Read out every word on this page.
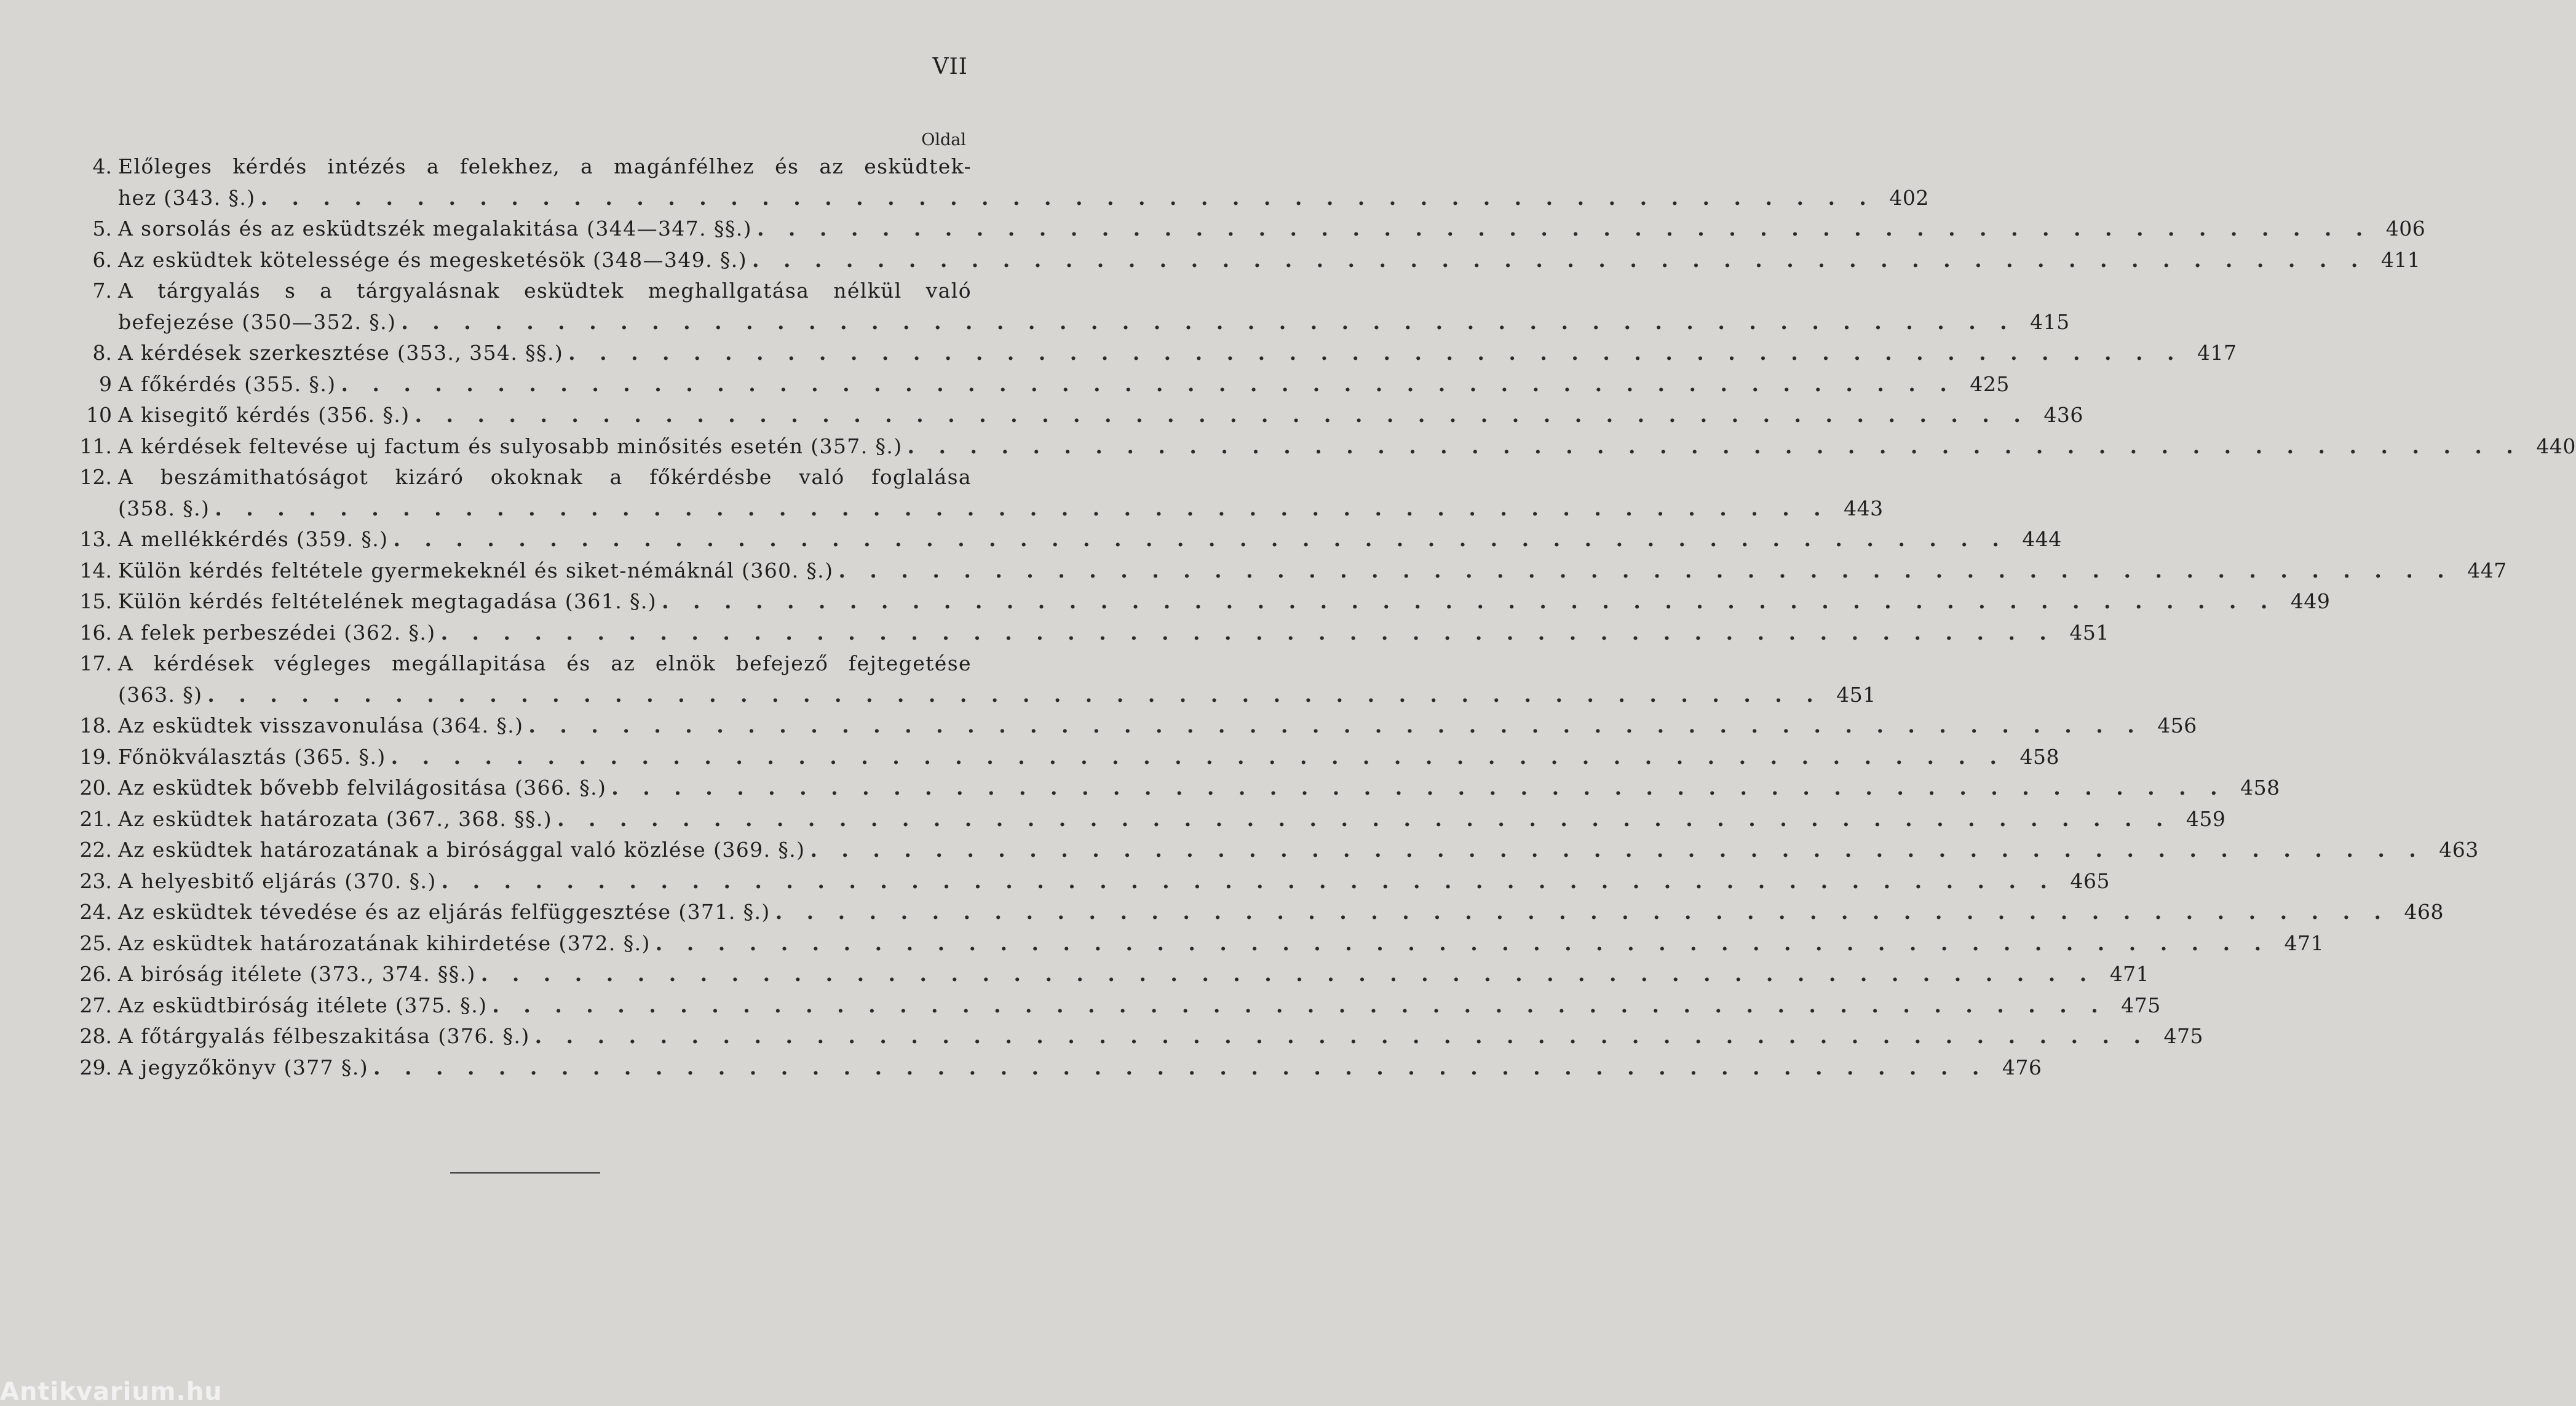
VII
Oldal
4. Előleges kérdés intézés a felekhez, a magánfélhez és az esküdtek-
hez (343. §.) . . . . . . . . . . . . . . . . . . . . . . . . . . . . . . . . . . . . . . . . . . . . . . . . . . . . 402
5. A sorsolás és az esküdtszék megalakitása (344—347. §§.) . . . . . . . . . . . . . . . . . . . . . . . . . . . . . . . . . . . . . . . . . . . . . . . . . . . . 406
6. Az esküdtek kötelessége és megesketésök (348—349. §.) . . . . . . . . . . . . . . . . . . . . . . . . . . . . . . . . . . . . . . . . . . . . . . . . . . . . 411
7. A tárgyalás s a tárgyalásnak esküdtek meghallgatása nélkül való
befejezése (350—352. §.) . . . . . . . . . . . . . . . . . . . . . . . . . . . . . . . . . . . . . . . . . . . . . . . . . . . . 415
8. A kérdések szerkesztése (353., 354. §§.) . . . . . . . . . . . . . . . . . . . . . . . . . . . . . . . . . . . . . . . . . . . . . . . . . . . . 417
9 A főkérdés (355. §.) . . . . . . . . . . . . . . . . . . . . . . . . . . . . . . . . . . . . . . . . . . . . . . . . . . . . 425
10 A kisegitő kérdés (356. §.) . . . . . . . . . . . . . . . . . . . . . . . . . . . . . . . . . . . . . . . . . . . . . . . . . . . . 436
11. A kérdések feltevése uj factum és sulyosabb minősités esetén (357. §.) . . . . . . . . . . . . . . . . . . . . . . . . . . . . . . . . . . . . . . . . . . . . . . . . . . . . 440
12. A beszámithatóságot kizáró okoknak a főkérdésbe való foglalása
(358. §.) . . . . . . . . . . . . . . . . . . . . . . . . . . . . . . . . . . . . . . . . . . . . . . . . . . . . 443
13. A mellékkérdés (359. §.) . . . . . . . . . . . . . . . . . . . . . . . . . . . . . . . . . . . . . . . . . . . . . . . . . . . . 444
14. Külön kérdés feltétele gyermekeknél és siket-némáknál (360. §.) . . . . . . . . . . . . . . . . . . . . . . . . . . . . . . . . . . . . . . . . . . . . . . . . . . . . 447
15. Külön kérdés feltételének megtagadása (361. §.) . . . . . . . . . . . . . . . . . . . . . . . . . . . . . . . . . . . . . . . . . . . . . . . . . . . . 449
16. A felek perbeszédei (362. §.) . . . . . . . . . . . . . . . . . . . . . . . . . . . . . . . . . . . . . . . . . . . . . . . . . . . . 451
17. A kérdések végleges megállapitása és az elnök befejező fejtegetése
(363. §) . . . . . . . . . . . . . . . . . . . . . . . . . . . . . . . . . . . . . . . . . . . . . . . . . . . . 451
18. Az esküdtek visszavonulása (364. §.) . . . . . . . . . . . . . . . . . . . . . . . . . . . . . . . . . . . . . . . . . . . . . . . . . . . . 456
19. Főnökválasztás (365. §.) . . . . . . . . . . . . . . . . . . . . . . . . . . . . . . . . . . . . . . . . . . . . . . . . . . . . 458
20. Az esküdtek bővebb felvilágositása (366. §.) . . . . . . . . . . . . . . . . . . . . . . . . . . . . . . . . . . . . . . . . . . . . . . . . . . . . 458
21. Az esküdtek határozata (367., 368. §§.) . . . . . . . . . . . . . . . . . . . . . . . . . . . . . . . . . . . . . . . . . . . . . . . . . . . . 459
22. Az esküdtek határozatának a birósággal való közlése (369. §.) . . . . . . . . . . . . . . . . . . . . . . . . . . . . . . . . . . . . . . . . . . . . . . . . . . . . 463
23. A helyesbitő eljárás (370. §.) . . . . . . . . . . . . . . . . . . . . . . . . . . . . . . . . . . . . . . . . . . . . . . . . . . . . 465
24. Az esküdtek tévedése és az eljárás felfüggesztése (371. §.) . . . . . . . . . . . . . . . . . . . . . . . . . . . . . . . . . . . . . . . . . . . . . . . . . . . . 468
25. Az esküdtek határozatának kihirdetése (372. §.) . . . . . . . . . . . . . . . . . . . . . . . . . . . . . . . . . . . . . . . . . . . . . . . . . . . . 471
26. A biróság itélete (373., 374. §§.) . . . . . . . . . . . . . . . . . . . . . . . . . . . . . . . . . . . . . . . . . . . . . . . . . . . . 471
27. Az esküdtbiróság itélete (375. §.) . . . . . . . . . . . . . . . . . . . . . . . . . . . . . . . . . . . . . . . . . . . . . . . . . . . . 475
28. A főtárgyalás félbeszakitása (376. §.) . . . . . . . . . . . . . . . . . . . . . . . . . . . . . . . . . . . . . . . . . . . . . . . . . . . . 475
29. A jegyzőkönyv (377 §.) . . . . . . . . . . . . . . . . . . . . . . . . . . . . . . . . . . . . . . . . . . . . . . . . . . . . 476
Antikvarium.hu
